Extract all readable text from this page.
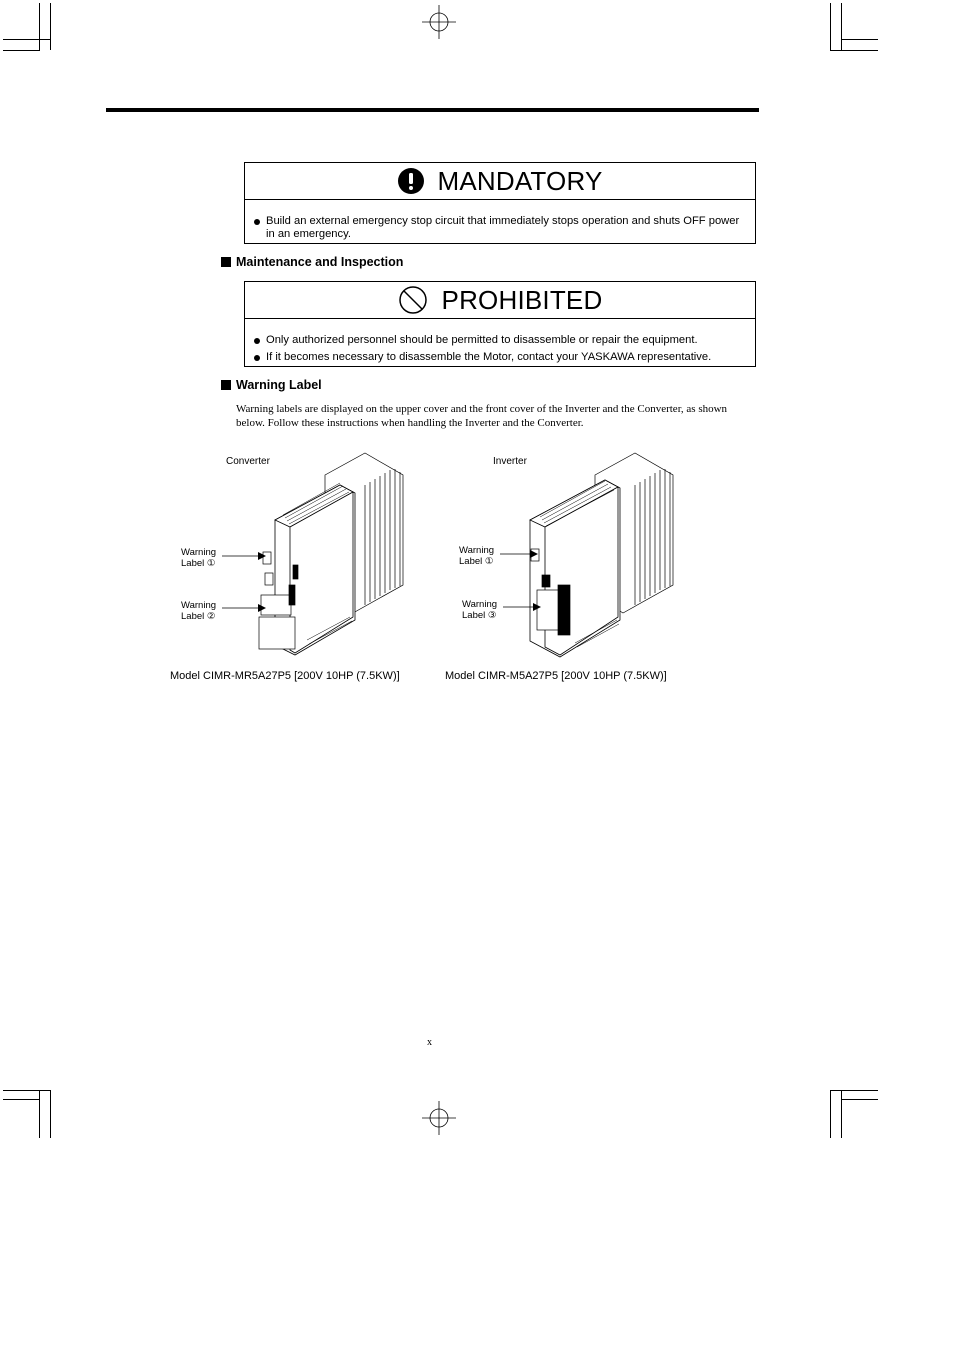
MANDATORY
Build an external emergency stop circuit that immediately stops operation and shuts OFF power in an emergency.
Maintenance and Inspection
PROHIBITED
Only authorized personnel should be permitted to disassemble or repair the equipment.
If it becomes necessary to disassemble the Motor, contact your YASKAWA representative.
Warning Label
Warning labels are displayed on the upper cover and the front cover of the Inverter and the Converter, as shown below. Follow these instructions when handling the Inverter and the Converter.
Converter
Warning
Label ①
Warning
Label ②
Model CIMR-MR5A27P5 [200V 10HP (7.5KW)]
Inverter
Warning
Label ①
Warning
Label ③
Model CIMR-M5A27P5 [200V 10HP (7.5KW)]
x
